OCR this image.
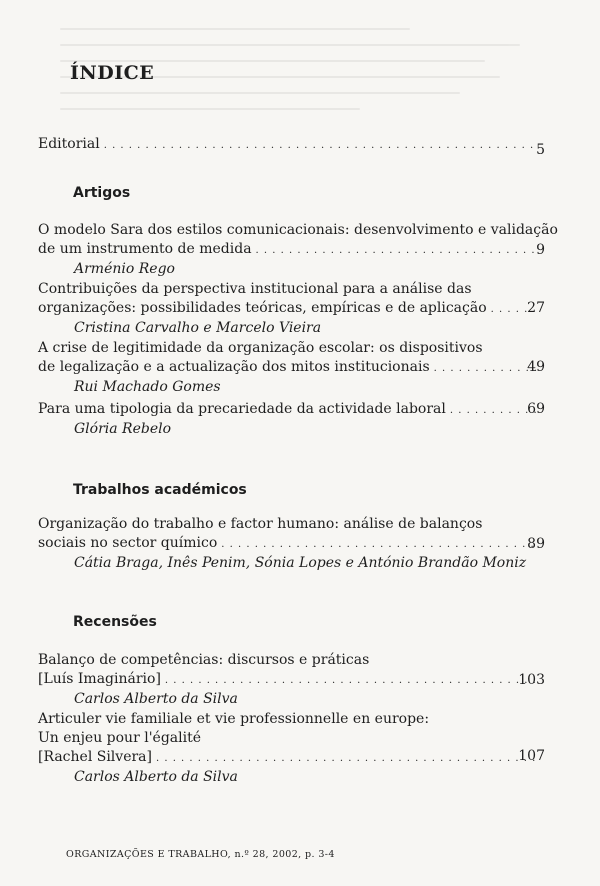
ÍNDICE
Editorial
. . .	5
Artigos
O modelo Sara dos estilos comunicacionais: desenvolvimento e validação
de um instrumento de medida
. . .
Arménio Rego
9
Contribuições da perspectiva institucional para a análise das
organizações: possibilidades teóricas, empíricas e de aplicação
. . .
Cristina Carvalho e Marcelo Vieira
27
A crise de legitimidade da organização escolar: os dispositivos
de legalização e a actualização dos mitos institucionais
. . .
Rui Machado Gomes
49
Para uma tipologia da precariedade da actividade laboral
. . .
Glória Rebelo
69
Trabalhos académicos
Organização do trabalho e factor humano: análise de balanços
sociais no sector químico
. . .
Cátia Braga, Inês Penim, Sónia Lopes e António Brandão Moniz
89
Recensões
Balanço de competências: discursos e práticas
[Luís Imaginário]
. . .
Carlos Alberto da Silva
103
Articuler vie familiale et vie professionnelle en europe:
Un enjeu pour l'égalité
[Rachel Silvera]
. . .
Carlos Alberto da Silva
107
ORGANIZAÇÕES E TRABALHO, n.º 28, 2002, p. 3-4
